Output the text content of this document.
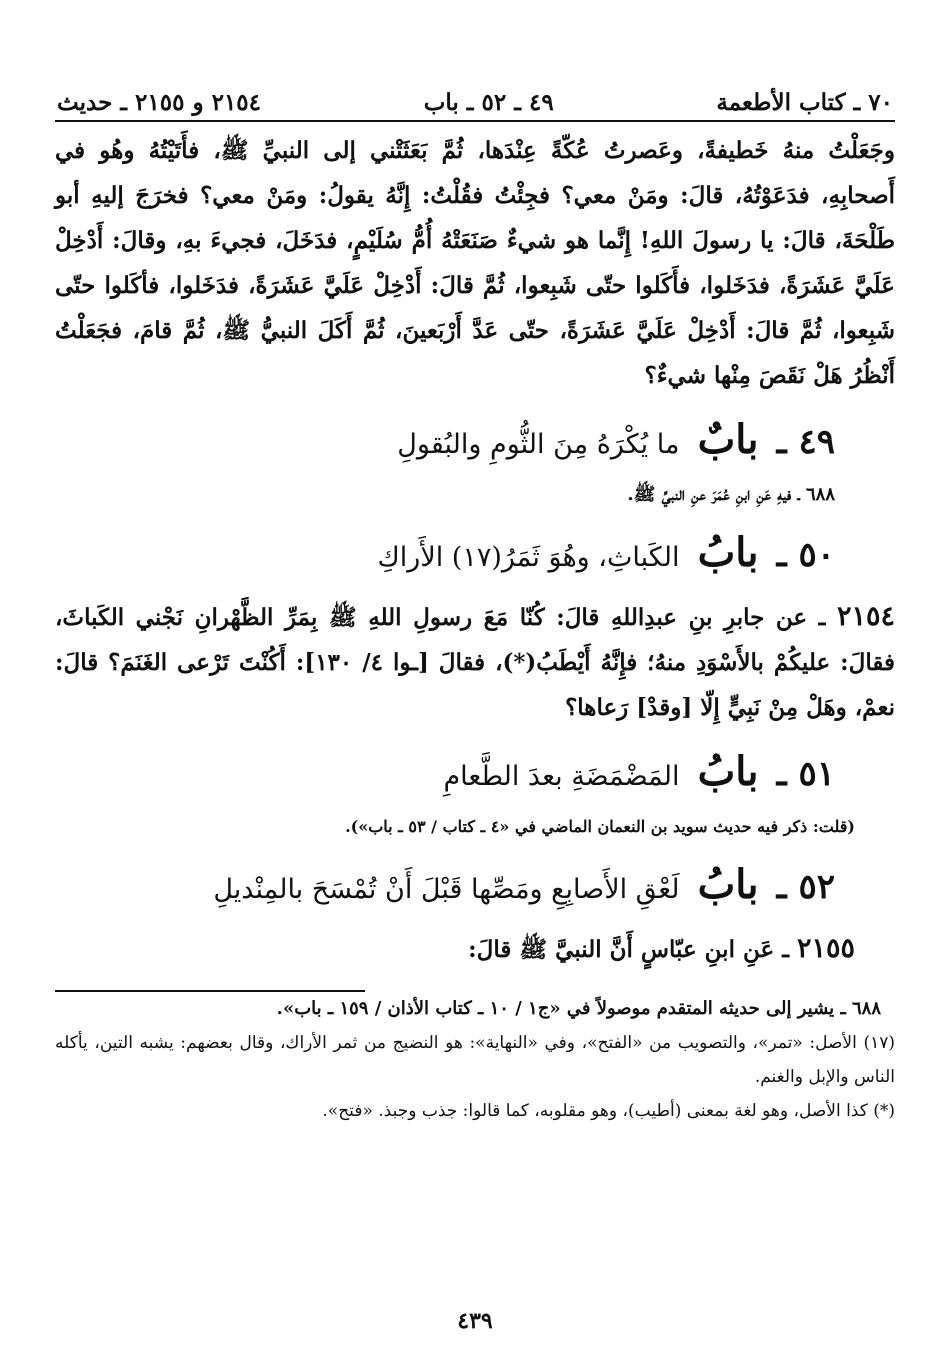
٧٠ ـ كتاب الأطعمة
٤٩ ـ ٥٢ ـ باب
٢١٥٤ و ٢١٥٥ ـ حديث

وجَعَلْتُ منهُ خَطيفةً، وعَصرتُ عُكّةً عِنْدَها، ثُمَّ بَعَثَتْني إلى النبيِّ ﷺ، فأَتَيْتُهُ وهُو في أَصحابِهِ، فدَعَوْتُهُ، قالَ: ومَنْ معي؟ فجِئْتُ فقُلْتُ: إِنَّهُ يقولُ: ومَنْ معي؟ فخرَجَ إليهِ أبو طَلْحَةَ، قالَ: يا رسولَ اللهِ! إِنَّما هو شيءٌ صَنَعَتْهُ أُمُّ سُلَيْمٍ، فدَخَلَ، فجيءَ بهِ، وقالَ: أَدْخِلْ عَلَيَّ عَشَرَةً، فدَخَلوا، فأَكَلوا حتّى شَبِعوا، ثُمَّ قالَ: أَدْخِلْ عَلَيَّ عَشَرَةً، فدَخَلوا، فأكَلوا حتّى شَبِعوا، ثُمَّ قالَ: أَدْخِلْ عَلَيَّ عَشَرَةً، حتّى عَدَّ أَرْبَعينَ، ثُمَّ أَكَلَ النبيُّ ﷺ، ثُمَّ قامَ، فجَعَلْتُ أَنْظُرُ هَلْ نَقَصَ مِنْها شيءٌ؟

٤٩ ـ بابٌ ما يُكْرَهُ مِنَ الثُّومِ والبُقولِ

٦٨٨ ـ فيهِ عَنِ ابنِ عُمَرَ عنِ النبيِّ ﷺ.

٥٠ ـ بابُ الكَباثِ، وهُوَ ثَمَرُ(١٧) الأَراكِ

٢١٥٤ ـ عن جابرِ بنِ عبدِاللهِ قالَ: كُنّا مَعَ رسولِ اللهِ ﷺ بِمَرِّ الظَّهْرانِ نَجْني الكَباثَ، فقالَ: عليكُمْ بالأَسْوَدِ منهُ؛ فإِنَّهُ أَيْطَبُ(*)، فقالَ [ـوا ٤/ ١٣٠]: أَكُنْتَ تَرْعى الغَنَمَ؟ قالَ: نعمْ، وهَلْ مِنْ نَبِيٍّ إِلّا [وقدْ] رَعاها؟

٥١ ـ بابُ المَضْمَضَةِ بعدَ الطَّعامِ

(قلت: ذكر فيه حديث سويد بن النعمان الماضي في «٤ ـ كتاب / ٥٣ ـ باب»).

٥٢ ـ بابُ لَعْقِ الأَصابِعِ ومَصِّها قَبْلَ أَنْ تُمْسَحَ بالمِنْديلِ

٢١٥٥ ـ عَنِ ابنِ عبّاسٍ أَنَّ النبيَّ ﷺ قالَ:

٦٨٨ ـ يشير إلى حديثه المتقدم موصولاً في «ج١ / ١٠ ـ كتاب الأذان / ١٥٩ ـ باب».

(١٧) الأصل: «تمر»، والتصويب من «الفتح»، وفي «النهاية»: هو النضيج من ثمر الأراك، وقال بعضهم: يشبه التين، يأكله الناس والإبل والغنم.

(*) كذا الأصل، وهو لغة بمعنى (أطيب)، وهو مقلوبه، كما قالوا: جذب وجبذ. «فتح».

٤٣٩
